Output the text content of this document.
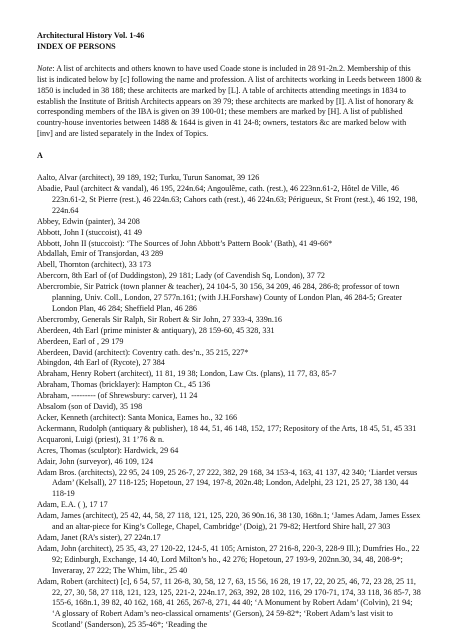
Architectural History Vol. 1-46

INDEX OF PERSONS

Note: A list of architects and others known to have used Coade stone is included in 28 91-2n.2. Membership of this list is indicated below by [c] following the name and profession. A list of architects working in Leeds between 1800 & 1850 is included in 38 188; these architects are marked by [L]. A table of architects attending meetings in 1834 to establish the Institute of British Architects appears on 39 79; these architects are marked by [I]. A list of honorary & corresponding members of the IBA is given on 39 100-01; these members are marked by [H]. A list of published country-house inventories between 1488 & 1644 is given in 41 24-8; owners, testators &c are marked below with [inv] and are listed separately in the Index of Topics.

A

Aalto, Alvar (architect), 39 189, 192; Turku, Turun Sanomat, 39 126
Abadie, Paul (architect & vandal), 46 195, 224n.64; Angoulême, cath. (rest.), 46 223nn.61-2, Hôtel de Ville, 46 223n.61-2, St Pierre (rest.), 46 224n.63; Cahors cath (rest.), 46 224n.63; Périgueux, St Front (rest.), 46 192, 198, 224n.64
Abbey, Edwin (painter), 34 208
Abbott, John I (stuccoist), 41 49
Abbott, John II (stuccoist): ‘The Sources of John Abbott’s Pattern Book’ (Bath), 41 49-66*
Abdallah, Emir of Transjordan, 43 289
Abell, Thornton (architect), 33 173
Abercorn, 8th Earl of (of Duddingston), 29 181; Lady (of Cavendish Sq, London), 37 72
Abercrombie, Sir Patrick (town planner & teacher), 24 104-5, 30 156, 34 209, 46 284, 286-8; professor of town planning, Univ. Coll., London, 27 577n.161; (with J.H.Forshaw) County of London Plan, 46 284-5; Greater London Plan, 46 284; Sheffield Plan, 46 286
Abercromby, Generals Sir Ralph, Sir Robert & Sir John, 27 333-4, 339n.16
Aberdeen, 4th Earl (prime minister & antiquary), 28 159-60, 45 328, 331
Aberdeen, Earl of , 29 179
Aberdeen, David (architect): Coventry cath. des’n., 35 215, 227*
Abingdon, 4th Earl of (Rycote), 27 384
Abraham, Henry Robert (architect), 11 81, 19 38; London, Law Cts. (plans), 11 77, 83, 85-7
Abraham, Thomas (bricklayer): Hampton Ct., 45 136
Abraham, --------- (of Shrewsbury: carver), 11 24
Absalom (son of David), 35 198
Acker, Kenneth (architect): Santa Monica, Eames ho., 32 166
Ackermann, Rudolph (antiquary & publisher), 18 44, 51, 46 148, 152, 177; Repository of the Arts, 18 45, 51, 45 331
Acquaroni, Luigi (priest), 31 1’76 & n.
Acres, Thomas (sculptor): Hardwick, 29 64
Adair, John (surveyor), 46 109, 124
Adam Bros. (architects), 22 95, 24 109, 25 26-7, 27 222, 382, 29 168, 34 153-4, 163, 41 137, 42 340; ‘Liardet versus Adam’ (Kelsall), 27 118-125; Hopetoun, 27 194, 197-8, 202n.48; London, Adelphi, 23 121, 25 27, 38 130, 44 118-19
Adam, E.A. ( ), 17 17
Adam, James (architect), 25 42, 44, 58, 27 118, 121, 125, 220, 36 90n.16, 38 130, 168n.1; ‘James Adam, James Essex and an altar-piece for King’s College, Chapel, Cambridge’ (Doig), 21 79-82; Hertford Shire hall, 27 303
Adam, Janet (RA’s sister), 27 224n.17
Adam, John (architect), 25 35, 43, 27 120-22, 124-5, 41 105; Arniston, 27 216-8, 220-3, 228-9 Ill.); Dumfries Ho., 22 92; Edinburgh, Exchange, 14 40, Lord Milton’s ho., 42 276; Hopetoun, 27 193-9, 202nn.30, 34, 48, 208-9*; Inveraray, 27 222; The Whim, libr., 25 40
Adam, Robert (architect) [c], 6 54, 57, 11 26-8, 30, 58, 12 7, 63, 15 56, 16 28, 19 17, 22, 20 25, 46, 72, 23 28, 25 11, 22, 27, 30, 58, 27 118, 121, 123, 125, 221-2, 224n.17, 263, 392, 28 102, 116, 29 170-71, 174, 33 118, 36 85-7, 38 155-6, 168n.1, 39 82, 40 162, 168, 41 265, 267-8, 271, 44 40; ‘A Monument by Robert Adam’ (Colvin), 21 94; ‘A glossary of Robert Adam’s neo-classical ornaments’ (Gerson), 24 59-82*; ‘Robert Adam’s last visit to Scotland’ (Sanderson), 25 35-46*; ‘Reading the
